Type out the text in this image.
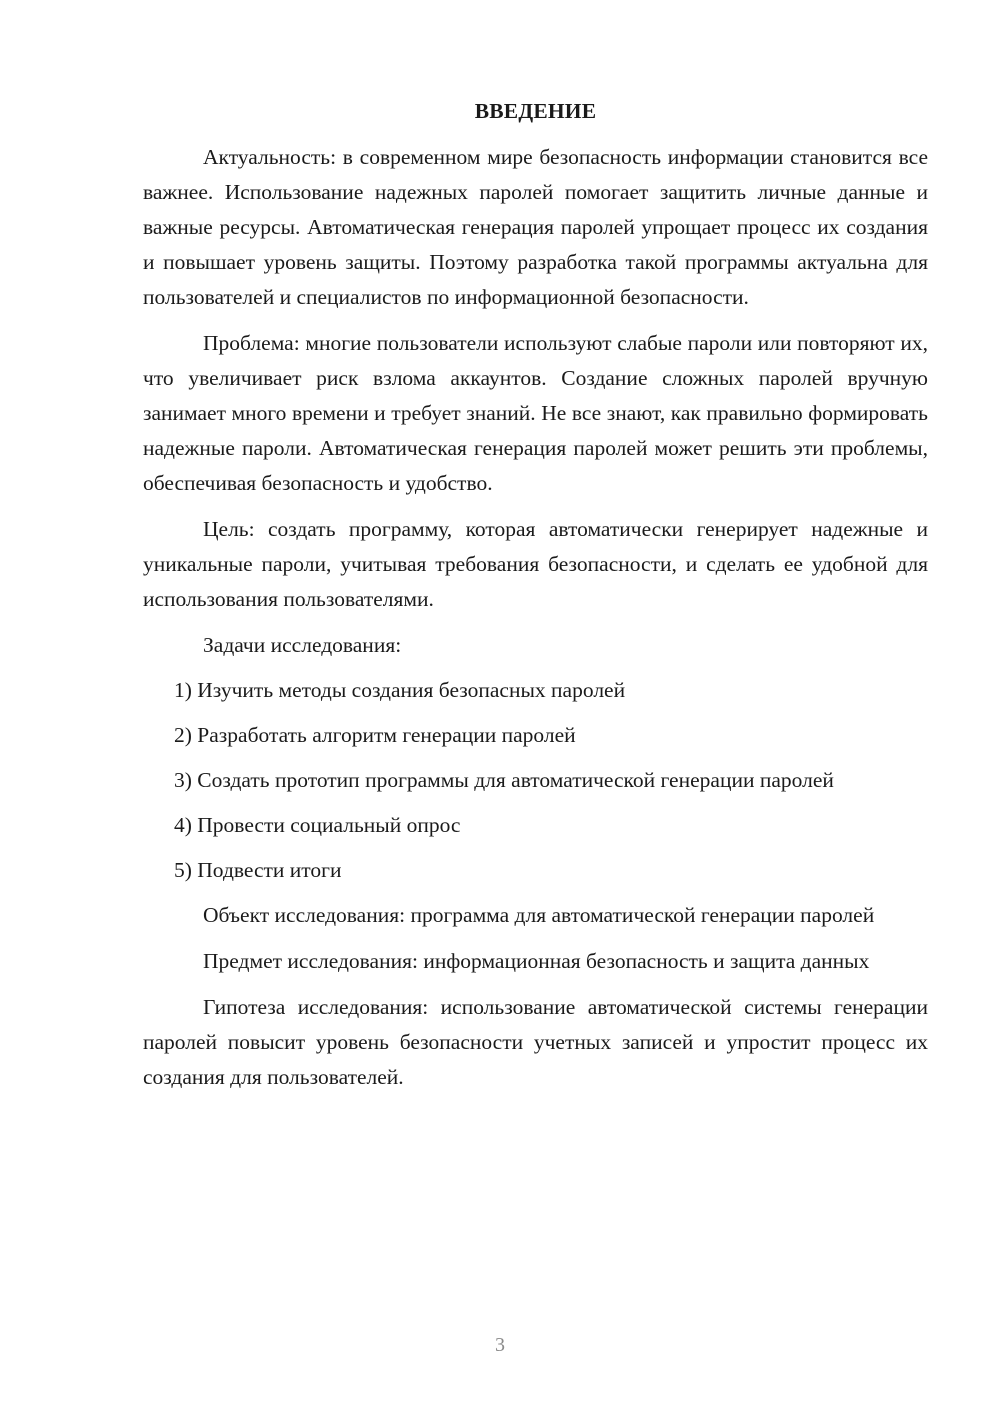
ВВЕДЕНИЕ

Актуальность: в современном мире безопасность информации становится все важнее. Использование надежных паролей помогает защитить личные данные и важные ресурсы. Автоматическая генерация паролей упрощает процесс их создания и повышает уровень защиты. Поэтому разработка такой программы актуальна для пользователей и специалистов по информационной безопасности.

Проблема: многие пользователи используют слабые пароли или повторяют их, что увеличивает риск взлома аккаунтов. Создание сложных паролей вручную занимает много времени и требует знаний. Не все знают, как правильно формировать надежные пароли. Автоматическая генерация паролей может решить эти проблемы, обеспечивая безопасность и удобство.

Цель: создать программу, которая автоматически генерирует надежные и уникальные пароли, учитывая требования безопасности, и сделать ее удобной для использования пользователями.

Задачи исследования:

1) Изучить методы создания безопасных паролей

2) Разработать алгоритм генерации паролей

3) Создать прототип программы для автоматической генерации паролей

4) Провести социальный опрос

5) Подвести итоги

Объект исследования: программа для автоматической генерации паролей

Предмет исследования: информационная безопасность и защита данных

Гипотеза исследования: использование автоматической системы генерации паролей повысит уровень безопасности учетных записей и упростит процесс их создания для пользователей.

3
